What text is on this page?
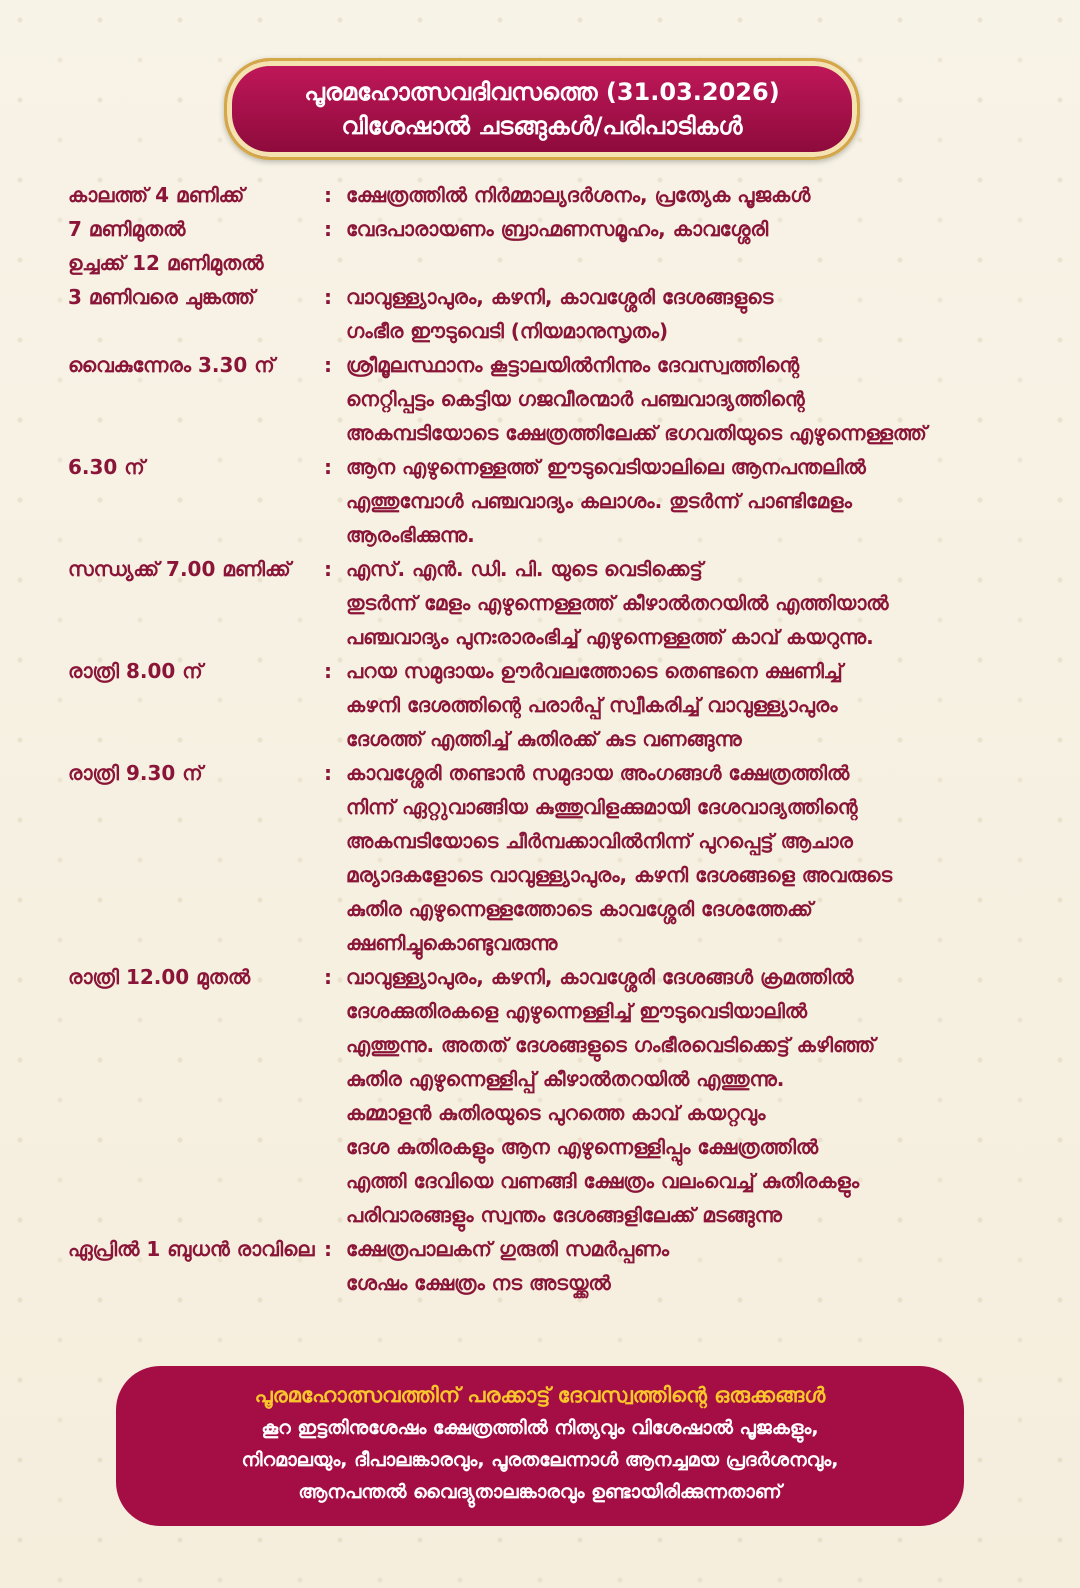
പൂരമഹോത്സവദിവസത്തെ (31.03.2026)
വിശേഷാൽ ചടങ്ങുകൾ/പരിപാടികൾ
കാലത്ത് 4 മണിക്ക്	: ക്ഷേത്രത്തിൽ നിർമ്മാല്യദർശനം, പ്രത്യേക പൂജകൾ
7 മണിമുതൽ	: വേദപാരായണം ബ്രാഹ്മണസമൂഹം, കാവശ്ശേരി
ഉച്ചക്ക് 12 മണിമുതൽ
3 മണിവരെ ചുങ്കത്ത്	: വാവുള്ള്യാപുരം, കഴനി, കാവശ്ശേരി ദേശങ്ങളുടെ
ഗംഭീര ഈടുവെടി (നിയമാനുസൃതം)
വൈകുന്നേരം 3.30 ന്	: ശ്രീമൂലസ്ഥാനം കൂട്ടാലയിൽനിന്നും ദേവസ്വത്തിന്റെ
നെറ്റിപ്പട്ടം കെട്ടിയ ഗജവീരന്മാർ പഞ്ചവാദ്യത്തിന്റെ
അകമ്പടിയോടെ ക്ഷേത്രത്തിലേക്ക് ഭഗവതിയുടെ എഴുന്നെള്ളത്ത്
6.30 ന്	: ആന എഴുന്നെള്ളത്ത് ഈടുവെടിയാലിലെ ആനപന്തലിൽ
എത്തുമ്പോൾ പഞ്ചവാദ്യം കലാശം. തുടർന്ന് പാണ്ടിമേളം
ആരംഭിക്കുന്നു.
സന്ധ്യക്ക് 7.00 മണിക്ക്	: എസ്. എൻ. ഡി. പി. യുടെ വെടിക്കെട്ട്
തുടർന്ന് മേളം എഴുന്നെള്ളത്ത് കീഴാൽതറയിൽ എത്തിയാൽ
പഞ്ചവാദ്യം പുനഃരാരംഭിച്ച് എഴുന്നെള്ളത്ത് കാവ് കയറുന്നു.
രാത്രി 8.00 ന്	: പറയ സമുദായം ഊർവലത്തോടെ തെണ്ടനെ ക്ഷണിച്ച്
കഴനി ദേശത്തിന്റെ പരാർപ്പ് സ്വീകരിച്ച് വാവുള്ള്യാപുരം
ദേശത്ത് എത്തിച്ച് കുതിരക്ക് കുട വണങ്ങുന്നു
രാത്രി 9.30 ന്	: കാവശ്ശേരി തണ്ടാൻ സമുദായ അംഗങ്ങൾ ക്ഷേത്രത്തിൽ
നിന്ന് ഏറ്റുവാങ്ങിയ കുത്തുവിളക്കുമായി ദേശവാദ്യത്തിന്റെ
അകമ്പടിയോടെ ചീർമ്പക്കാവിൽനിന്ന് പുറപ്പെട്ട് ആചാര
മര്യാദകളോടെ വാവുള്ള്യാപുരം, കഴനി ദേശങ്ങളെ അവരുടെ
കുതിര എഴുന്നെള്ളത്തോടെ കാവശ്ശേരി ദേശത്തേക്ക്
ക്ഷണിച്ചുകൊണ്ടുവരുന്നു
രാത്രി 12.00 മുതൽ	: വാവുള്ള്യാപുരം, കഴനി, കാവശ്ശേരി ദേശങ്ങൾ ക്രമത്തിൽ
ദേശക്കുതിരകളെ എഴുന്നെള്ളിച്ച് ഈടുവെടിയാലിൽ
എത്തുന്നു. അതത് ദേശങ്ങളുടെ ഗംഭീരവെടിക്കെട്ട് കഴിഞ്ഞ്
കുതിര എഴുന്നെള്ളിപ്പ് കീഴാൽതറയിൽ എത്തുന്നു.
കമ്മാളൻ കുതിരയുടെ പുറത്തെ കാവ് കയറ്റവും
ദേശ കുതിരകളും ആന എഴുന്നെള്ളിപ്പും ക്ഷേത്രത്തിൽ
എത്തി ദേവിയെ വണങ്ങി ക്ഷേത്രം വലംവെച്ച് കുതിരകളും
പരിവാരങ്ങളും സ്വന്തം ദേശങ്ങളിലേക്ക് മടങ്ങുന്നു
ഏപ്രിൽ 1 ബുധൻ രാവിലെ : ക്ഷേത്രപാലകന് ഗുരുതി സമർപ്പണം
ശേഷം ക്ഷേത്രം നട അടയ്ക്കൽ
പൂരമഹോത്സവത്തിന് പരക്കാട്ട് ദേവസ്വത്തിന്റെ ഒരുക്കങ്ങൾ
കൂറ ഇട്ടതിനുശേഷം ക്ഷേത്രത്തിൽ നിത്യവും വിശേഷാൽ പൂജകളും,
നിറമാലയും, ദീപാലങ്കാരവും, പൂരതലേന്നാൾ ആനച്ചമയ പ്രദർശനവും,
ആനപന്തൽ വൈദ്യുതാലങ്കാരവും ഉണ്ടായിരിക്കുന്നതാണ്
